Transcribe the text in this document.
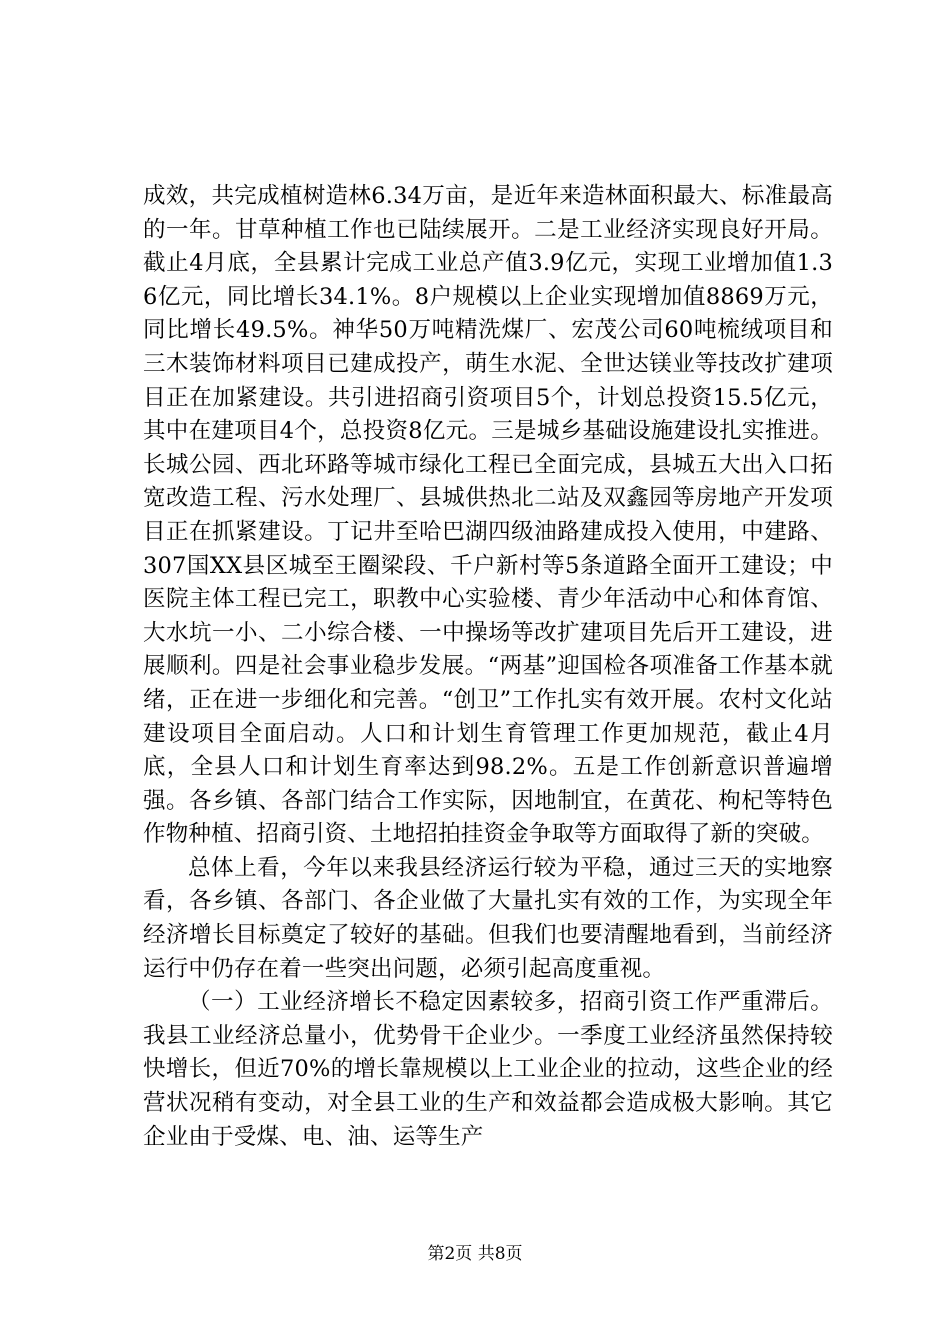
成效，共完成植树造林6.34万亩，是近年来造林面积最大、标准最高的一年。甘草种植工作也已陆续展开。二是工业经济实现良好开局。截止4月底，全县累计完成工业总产值3.9亿元，实现工业增加值1.36亿元，同比增长34.1%。8户规模以上企业实现增加值8869万元，同比增长49.5%。神华50万吨精洗煤厂、宏茂公司60吨梳绒项目和三木装饰材料项目已建成投产，萌生水泥、全世达镁业等技改扩建项目正在加紧建设。共引进招商引资项目5个，计划总投资15.5亿元，其中在建项目4个，总投资8亿元。三是城乡基础设施建设扎实推进。长城公园、西北环路等城市绿化工程已全面完成，县城五大出入口拓宽改造工程、污水处理厂、县城供热北二站及双鑫园等房地产开发项目正在抓紧建设。丁记井至哈巴湖四级油路建成投入使用，中建路、307国XX县区城至王圈梁段、千户新村等5条道路全面开工建设；中医院主体工程已完工，职教中心实验楼、青少年活动中心和体育馆、大水坑一小、二小综合楼、一中操场等改扩建项目先后开工建设，进展顺利。四是社会事业稳步发展。“两基”迎国检各项准备工作基本就绪，正在进一步细化和完善。“创卫”工作扎实有效开展。农村文化站建设项目全面启动。人口和计划生育管理工作更加规范，截止4月底，全县人口和计划生育率达到98.2%。五是工作创新意识普遍增强。各乡镇、各部门结合工作实际，因地制宜，在黄花、枸杞等特色作物种植、招商引资、土地招拍挂资金争取等方面取得了新的突破。

总体上看，今年以来我县经济运行较为平稳，通过三天的实地察看，各乡镇、各部门、各企业做了大量扎实有效的工作，为实现全年经济增长目标奠定了较好的基础。但我们也要清醒地看到，当前经济运行中仍存在着一些突出问题，必须引起高度重视。

（一）工业经济增长不稳定因素较多，招商引资工作严重滞后。我县工业经济总量小，优势骨干企业少。一季度工业经济虽然保持较快增长，但近70%的增长靠规模以上工业企业的拉动，这些企业的经营状况稍有变动，对全县工业的生产和效益都会造成极大影响。其它企业由于受煤、电、油、运等生产

第2页 共8页
